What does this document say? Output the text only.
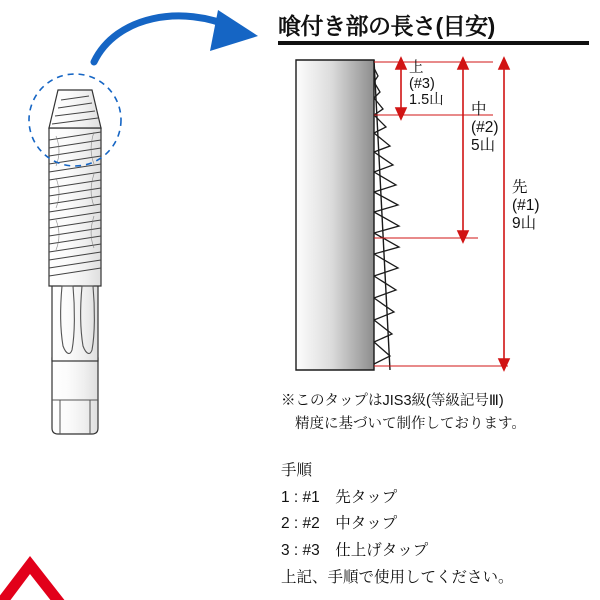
喰付き部の長さ(目安)
上
(#3)
1.5山
中
(#2)
5山
先
(#1)
9山
※このタップはJIS3級(等級記号Ⅲ)
精度に基づいて制作しております。
手順
1 : #1　先タップ
2 : #2　中タップ
3 : #3　仕上げタップ
上記、手順で使用してください。
